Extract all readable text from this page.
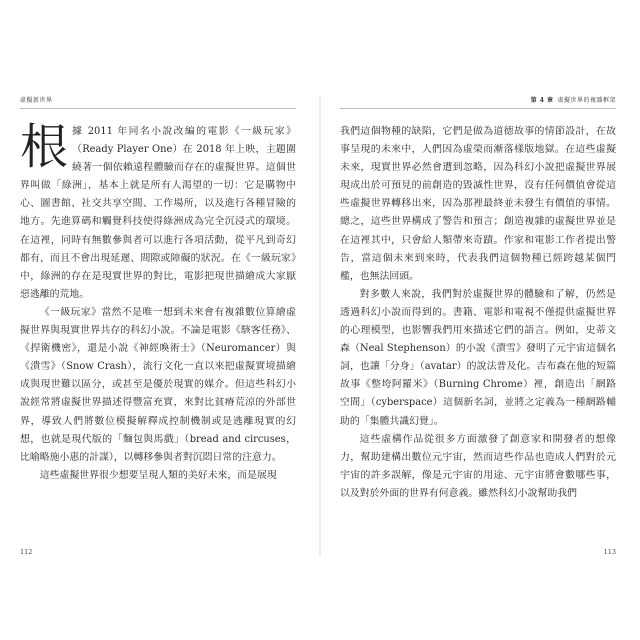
虛擬新世界

根據 2011 年同名小說改編的電影《一級玩家》（Ready Player One）在 2018 年上映，主題圍繞著一個依賴遠程體驗而存在的虛擬世界。這個世界叫做「綠洲」，基本上就是所有人渴望的一切：它是購物中心、圖書館、社交共享空間、工作場所，以及進行各種冒險的地方。先進算碼和觸覺科技使得綠洲成為完全沉浸式的環境。在這裡，同時有無數參與者可以進行各項活動，從平凡到奇幻都有，而且不會出現延遲、間隙或障礙的狀況。在《一級玩家》中，綠洲的存在是現實世界的對比，電影把現世描繪成大家厭惡逃離的荒地。

《一級玩家》當然不是唯一想到未來會有複雜數位算繪虛擬世界與現實世界共存的科幻小說。不論是電影《駭客任務》、《捍衛機密》，還是小說《神經喚術士》（Neuromancer）與《潰雪》（Snow Crash），流行文化一直以來把虛擬實境描繪成與現世難以區分，或甚至是優於現實的媒介。但這些科幻小說經常將虛擬世界描述得豐富充實，來對比貧瘠荒涼的外部世界，導致人們將數位模擬解釋成控制機制或是逃離現實的幻想，也就是現代版的「麵包與馬戲」（bread and circuses，比喻略施小惠的計謀），以轉移參與者對沉悶日常的注意力。

這些虛擬世界很少想要呈現人類的美好未來，而是展現

112
第 4 章 虛擬世界的複雜框架

我們這個物種的缺陷，它們是做為道德故事的情節設計，在故事呈現的未來中，人們因為虛榮而漸落樣版地獄。在這些虛擬未來，現實世界必然會遭到忽略，因為科幻小說把虛擬世界展現成出於可預見的前創造的毀滅性世界，沒有任何價值會從這些虛擬世界轉移出來，因為那裡最終並未發生有價值的事情。總之，這些世界構成了警告和預言；創造複雜的虛擬世界並是在這裡其中，只會給人類帶來奇蹟。作家和電影工作者提出警告，當這個未來到來時，代表我們這個物種已經跨越某個門檻，也無法回頭。

對多數人來說，我們對於虛擬世界的體驗和了解，仍然是透過科幻小說而得到的。書籍、電影和電視不僅提供虛擬世界的心理模型，也影響我們用來描述它們的語言。例如，史蒂文森（Neal Stephenson）的小說《潰雪》發明了元宇宙這個名詞，也讓「分身」（avatar）的說法普及化。吉布森在他的短篇故事《整垮阿羅米》（Burning Chrome）裡，創造出「網路空間」（cyberspace）這個新名詞，並將之定義為一種網路輔助的「集體共識幻覺」。

這些虛構作品從很多方面激發了創意家和開發者的想像力，幫助建構出數位元宇宙，然而這些作品也造成人們對於元宇宙的許多誤解，像是元宇宙的用途、元宇宙將會數哪些事，以及對於外面的世界有何意義。雖然科幻小說幫助我們

113
